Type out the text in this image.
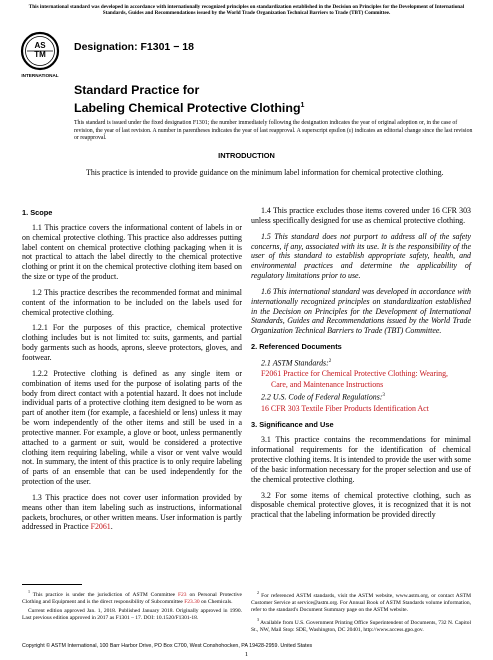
This international standard was developed in accordance with internationally recognized principles on standardization established in the Decision on Principles for the Development of International Standards, Guides and Recommendations issued by the World Trade Organization Technical Barriers to Trade (TBT) Committee.
AS
TM
INTERNATIONAL
Designation: F1301 − 18
Standard Practice for
Labeling Chemical Protective Clothing$^1$
This standard is issued under the fixed designation F1301; the number immediately following the designation indicates the year of original adoption or, in the case of revision, the year of last revision. A number in parentheses indicates the year of last reapproval. A superscript epsilon (ε) indicates an editorial change since the last revision or reapproval.
INTRODUCTION
This practice is intended to provide guidance on the minimum label information for chemical protective clothing.

1. Scope

1.1 This practice covers the informational content of labels in or on chemical protective clothing. This practice also addresses putting label content on chemical protective clothing packaging when it is not practical to attach the label directly to the chemical protective clothing or print it on the chemical protective clothing item based on the size or type of the product.

1.2 This practice describes the recommended format and minimal content of the information to be included on the labels used for chemical protective clothing.

1.2.1 For the purposes of this practice, chemical protective clothing includes but is not limited to: suits, garments, and partial body garments such as hoods, aprons, sleeve protectors, gloves, and footwear.

1.2.2 Protective clothing is defined as any single item or combination of items used for the purpose of isolating parts of the body from direct contact with a potential hazard. It does not include individual parts of a protective clothing item designed to be worn as part of another item (for example, a faceshield or lens) unless it may be worn independently of the other items and still be used in a protective manner. For example, a glove or boot, unless permanently attached to a garment or suit, would be considered a protective clothing item requiring labeling, while a visor or vent valve would not. In summary, the intent of this practice is to only require labeling of parts of an ensemble that can be used independently for the protection of the user.

1.3 This practice does not cover user information provided by means other than item labeling such as instructions, informational packets, brochures, or other written means. User information is partly addressed in Practice F2061.

1.4 This practice excludes those items covered under 16 CFR 303 unless specifically designed for use as chemical protective clothing.

1.5 This standard does not purport to address all of the safety concerns, if any, associated with its use. It is the responsibility of the user of this standard to establish appropriate safety, health, and environmental practices and determine the applicability of regulatory limitations prior to use.

1.6 This international standard was developed in accordance with internationally recognized principles on standardization established in the Decision on Principles for the Development of International Standards, Guides and Recommendations issued by the World Trade Organization Technical Barriers to Trade (TBT) Committee.

2. Referenced Documents

2.1 ASTM Standards:$^2$

F2061 Practice for Chemical Protective Clothing: Wearing,

Care, and Maintenance Instructions

2.2 U.S. Code of Federal Regulations:$^3$

16 CFR 303 Textile Fiber Products Identification Act

3. Significance and Use

3.1 This practice contains the recommendations for minimal informational requirements for the identification of chemical protective clothing items. It is intended to provide the user with some of the basic information necessary for the proper selection and use of the chemical protective clothing.

3.2 For some items of chemical protective clothing, such as disposable chemical protective gloves, it is recognized that it is not practical that the labeling information be provided directly

$^1$ This practice is under the jurisdiction of ASTM Committee F23 on Personal Protective Clothing and Equipment and is the direct responsibility of Subcommittee F23.30 on Chemicals.

Current edition approved Jan. 1, 2018. Published January 2018. Originally approved in 1990. Last previous edition approved in 2017 as F1301 – 17. DOI: 10.1520/F1301-18.

$^2$ For referenced ASTM standards, visit the ASTM website, www.astm.org, or contact ASTM Customer Service at service@astm.org. For Annual Book of ASTM Standards volume information, refer to the standard's Document Summary page on the ASTM website.

$^3$ Available from U.S. Government Printing Office Superintendent of Documents, 732 N. Capitol St., NW, Mail Stop: SDE, Washington, DC 20401, http://www.access.gpo.gov.

Copyright © ASTM International, 100 Barr Harbor Drive, PO Box C700, West Conshohocken, PA 19428-2959. United States
1
